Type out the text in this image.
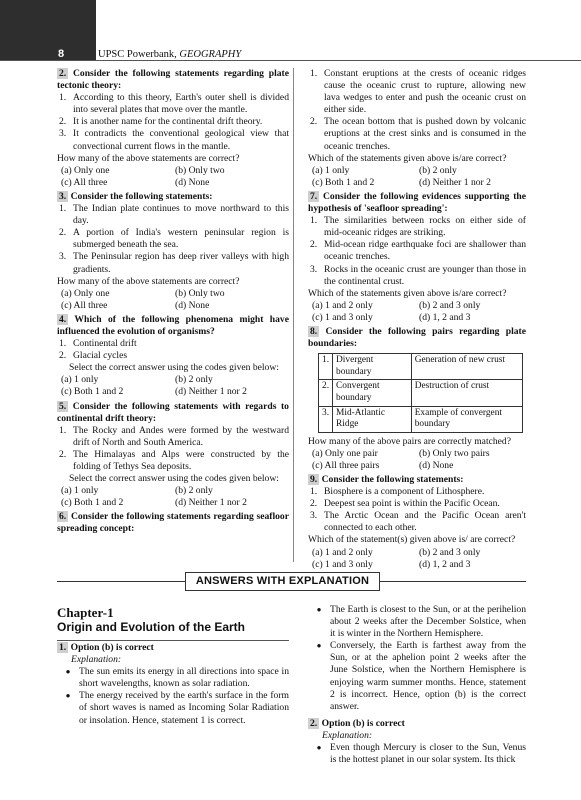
8	UPSC Powerbank, GEOGRAPHY
2. Consider the following statements regarding plate tectonic theory:
1. According to this theory, Earth's outer shell is divided into several plates that move over the mantle.
2. It is another name for the continental drift theory.
3. It contradicts the conventional geological view that convectional current flows in the mantle.
How many of the above statements are correct?
(a) Only one	(b) Only two
(c) All three	(d) None
3. Consider the following statements:
1. The Indian plate continues to move northward to this day.
2. A portion of India's western peninsular region is submerged beneath the sea.
3. The Peninsular region has deep river valleys with high gradients.
How many of the above statements are correct?
(a) Only one	(b) Only two
(c) All three	(d) None
4. Which of the following phenomena might have influenced the evolution of organisms?
1. Continental drift
2. Glacial cycles
Select the correct answer using the codes given below:
(a) 1 only	(b) 2 only
(c) Both 1 and 2	(d) Neither 1 nor 2
5. Consider the following statements with regards to continental drift theory:
1. The Rocky and Andes were formed by the westward drift of North and South America.
2. The Himalayas and Alps were constructed by the folding of Tethys Sea deposits.
Select the correct answer using the codes given below:
(a) 1 only	(b) 2 only
(c) Both 1 and 2	(d) Neither 1 nor 2
6. Consider the following statements regarding seafloor spreading concept:
1. Constant eruptions at the crests of oceanic ridges cause the oceanic crust to rupture, allowing new lava wedges to enter and push the oceanic crust on either side.
2. The ocean bottom that is pushed down by volcanic eruptions at the crest sinks and is consumed in the oceanic trenches.
Which of the statements given above is/are correct?
(a) 1 only	(b) 2 only
(c) Both 1 and 2	(d) Neither 1 nor 2
7. Consider the following evidences supporting the hypothesis of 'seafloor spreading':
1. The similarities between rocks on either side of mid-oceanic ridges are striking.
2. Mid-ocean ridge earthquake foci are shallower than oceanic trenches.
3. Rocks in the oceanic crust are younger than those in the continental crust.
Which of the statements given above is/are correct?
(a) 1 and 2 only	(b) 2 and 3 only
(c) 1 and 3 only	(d) 1, 2 and 3
8. Consider the following pairs regarding plate boundaries:
1.	Divergent boundary	Generation of new crust
2.	Convergent boundary	Destruction of crust
3.	Mid-Atlantic Ridge	Example of convergent boundary
How many of the above pairs are correctly matched?
(a) Only one pair	(b) Only two pairs
(c) All three pairs	(d) None
9. Consider the following statements:
1. Biosphere is a component of Lithosphere.
2. Deepest sea point is within the Pacific Ocean.
3. The Arctic Ocean and the Pacific Ocean aren't connected to each other.
Which of the statement(s) given above is/ are correct?
(a) 1 and 2 only	(b) 2 and 3 only
(c) 1 and 3 only	(d) 1, 2 and 3
ANSWERS WITH EXPLANATION
Chapter-1
Origin and Evolution of the Earth
1. Option (b) is correct
Explanation:
● The sun emits its energy in all directions into space in short wavelengths, known as solar radiation.
● The energy received by the earth's surface in the form of short waves is named as Incoming Solar Radiation or insolation. Hence, statement 1 is correct.
● The Earth is closest to the Sun, or at the perihelion about 2 weeks after the December Solstice, when it is winter in the Northern Hemisphere.
● Conversely, the Earth is farthest away from the Sun, or at the aphelion point 2 weeks after the June Solstice, when the Northern Hemisphere is enjoying warm summer months. Hence, statement 2 is incorrect. Hence, option (b) is the correct answer.
2. Option (b) is correct
Explanation:
● Even though Mercury is closer to the Sun, Venus is the hottest planet in our solar system. Its thick
